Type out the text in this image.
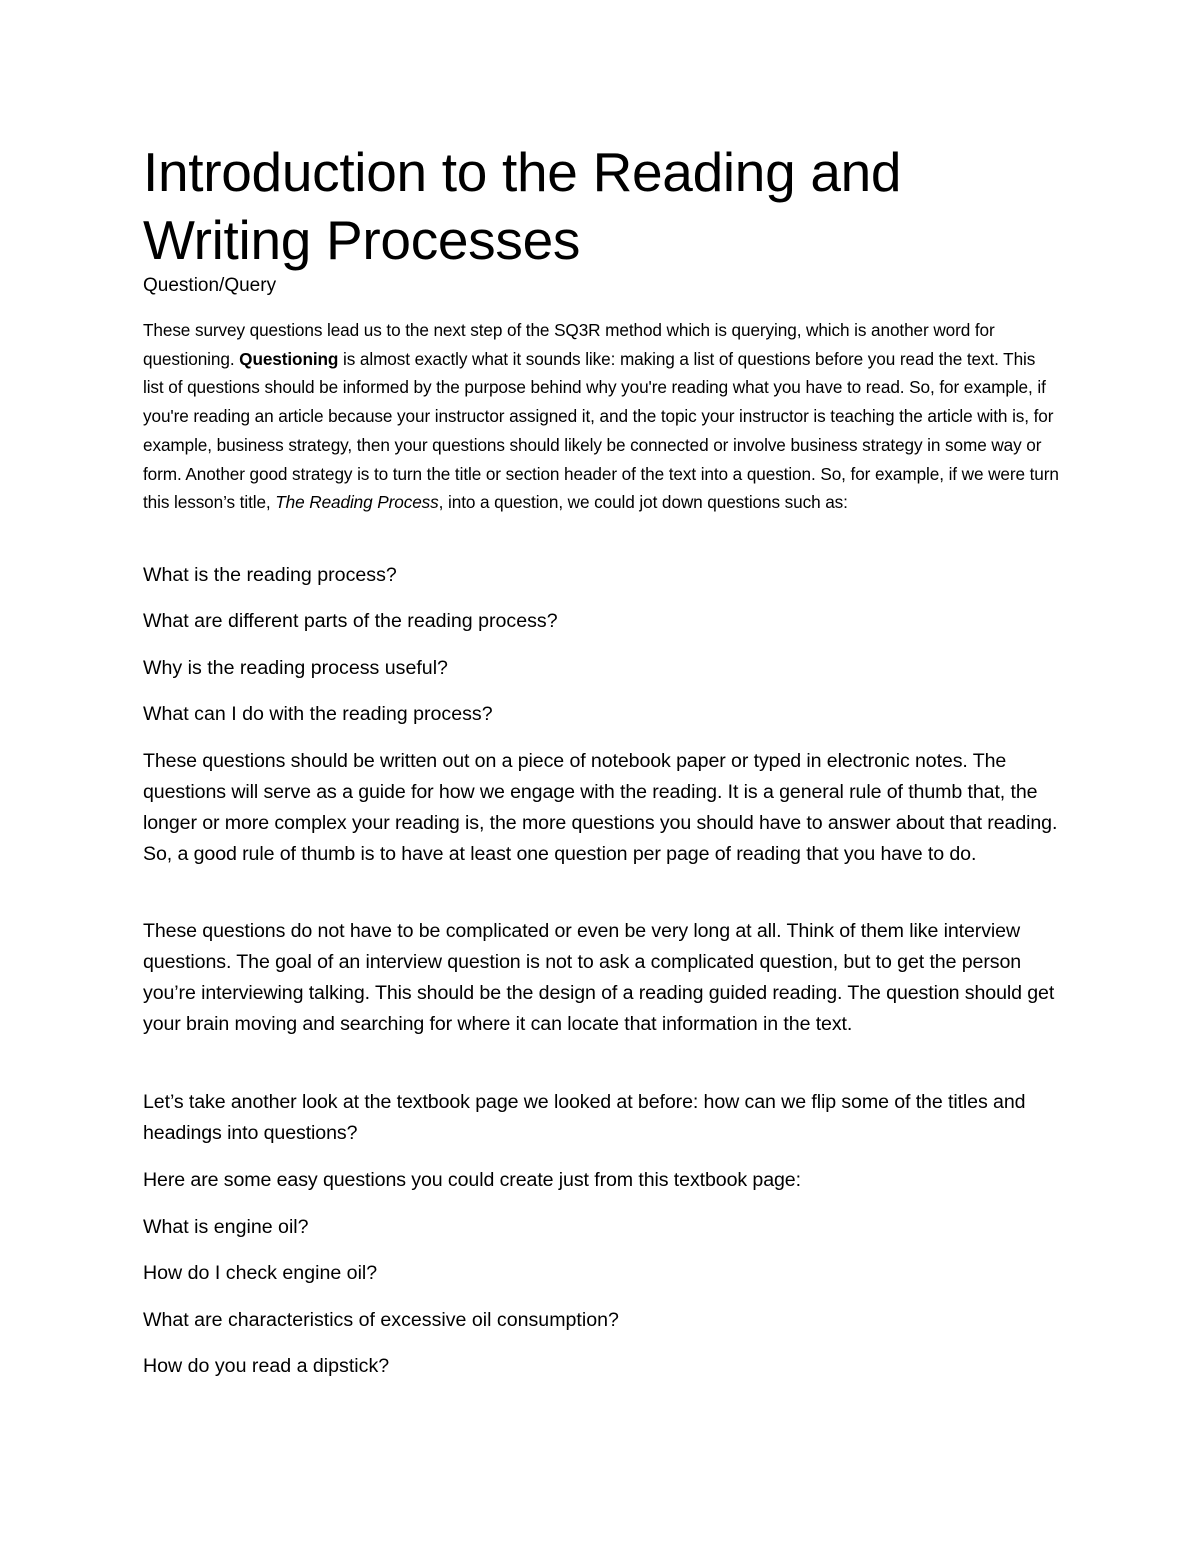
Introduction to the Reading and Writing Processes

Question/Query

These survey questions lead us to the next step of the SQ3R method which is querying, which is another word for questioning. Questioning is almost exactly what it sounds like: making a list of questions before you read the text. This list of questions should be informed by the purpose behind why you're reading what you have to read. So, for example, if you're reading an article because your instructor assigned it, and the topic your instructor is teaching the article with is, for example, business strategy, then your questions should likely be connected or involve business strategy in some way or form. Another good strategy is to turn the title or section header of the text into a question. So, for example, if we were turn this lesson’s title, The Reading Process, into a question, we could jot down questions such as:

What is the reading process?

What are different parts of the reading process?

Why is the reading process useful?

What can I do with the reading process?

These questions should be written out on a piece of notebook paper or typed in electronic notes. The questions will serve as a guide for how we engage with the reading. It is a general rule of thumb that, the longer or more complex your reading is, the more questions you should have to answer about that reading. So, a good rule of thumb is to have at least one question per page of reading that you have to do.

These questions do not have to be complicated or even be very long at all. Think of them like interview questions. The goal of an interview question is not to ask a complicated question, but to get the person you’re interviewing talking. This should be the design of a reading guided reading. The question should get your brain moving and searching for where it can locate that information in the text.

Let’s take another look at the textbook page we looked at before: how can we flip some of the titles and headings into questions?

Here are some easy questions you could create just from this textbook page:

What is engine oil?

How do I check engine oil?

What are characteristics of excessive oil consumption?

How do you read a dipstick?
